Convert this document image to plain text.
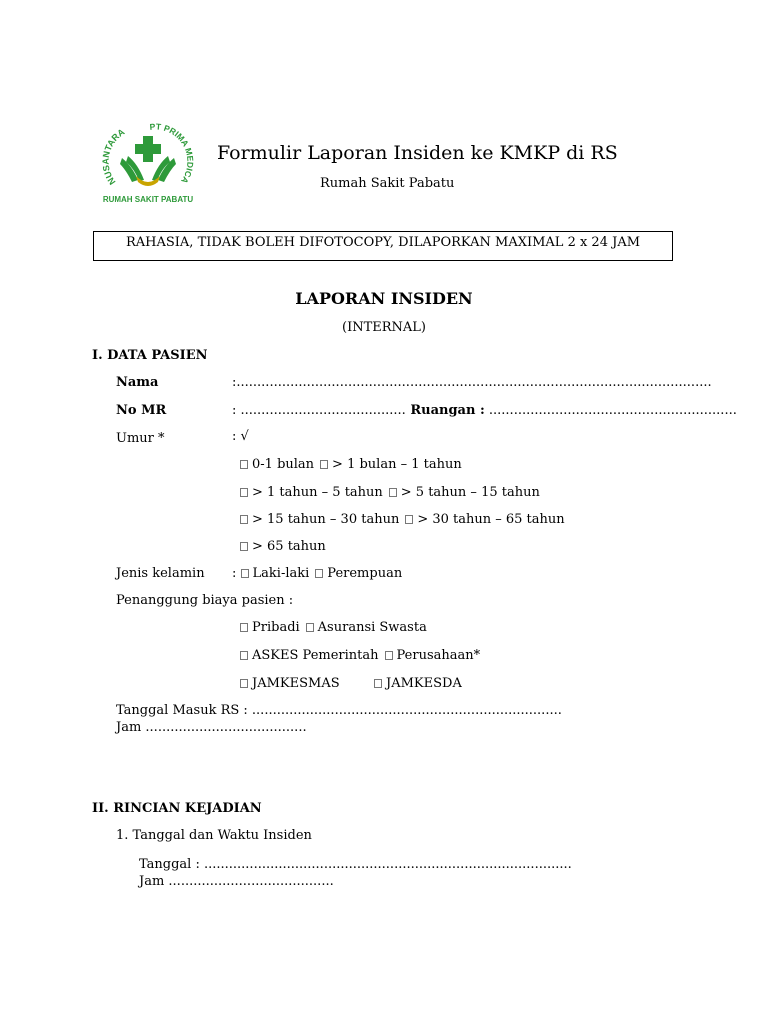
NUSANTARA
PT PRIMA MEDICA
RUMAH SAKIT PABATU
Formulir Laporan Insiden ke KMKP di RS
Rumah Sakit Pabatu
RAHASIA, TIDAK BOLEH DIFOTOCOPY, DILAPORKAN MAXIMAL 2 x 24 JAM
LAPORAN INSIDEN
(INTERNAL)
I. DATA PASIEN
Nama	:...................................................................................................................
No MR	: ........................................ Ruangan : ............................................................
Umur *	: √
0-1 bulan > 1 bulan – 1 tahun
> 1 tahun – 5 tahun > 5 tahun – 15 tahun
> 15 tahun – 30 tahun > 30 tahun – 65 tahun
> 65 tahun
Jenis kelamin : Laki-laki Perempuan
Penanggung biaya pasien :
Pribadi Asuransi Swasta
ASKES Pemerintah Perusahaan*
JAMKESMAS	JAMKESDA
Tanggal Masuk RS : ...........................................................................
Jam .......................................
II. RINCIAN KEJADIAN
1. Tanggal dan Waktu Insiden
Tanggal : .........................................................................................
Jam ........................................
